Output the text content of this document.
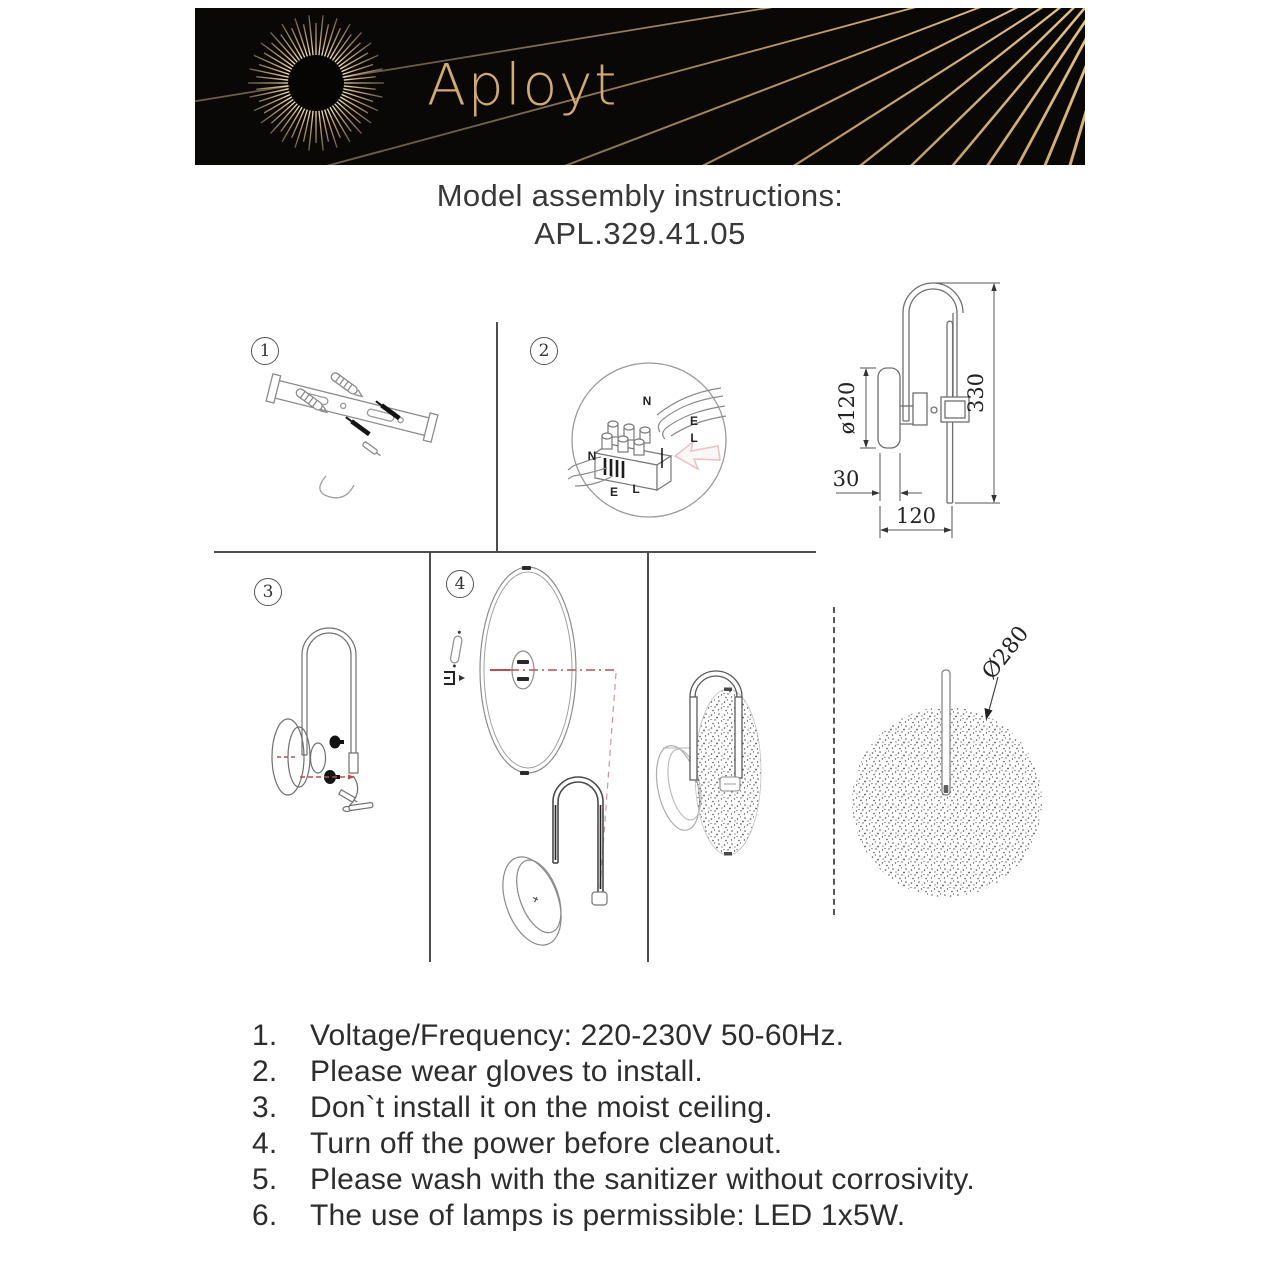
Aployt
Model assembly instructions:
APL.329.41.05
1	2
3	4
N
E
L
N
E L
ø120	330
30
120
Ø280
1.	Voltage/Frequency: 220-230V 50-60Hz.
2.	Please wear gloves to install.
3.	Don`t install it on the moist ceiling.
4.	Turn off the power before cleanout.
5.	Please wash with the sanitizer without corrosivity.
6.	The use of lamps is permissible: LED 1x5W.
